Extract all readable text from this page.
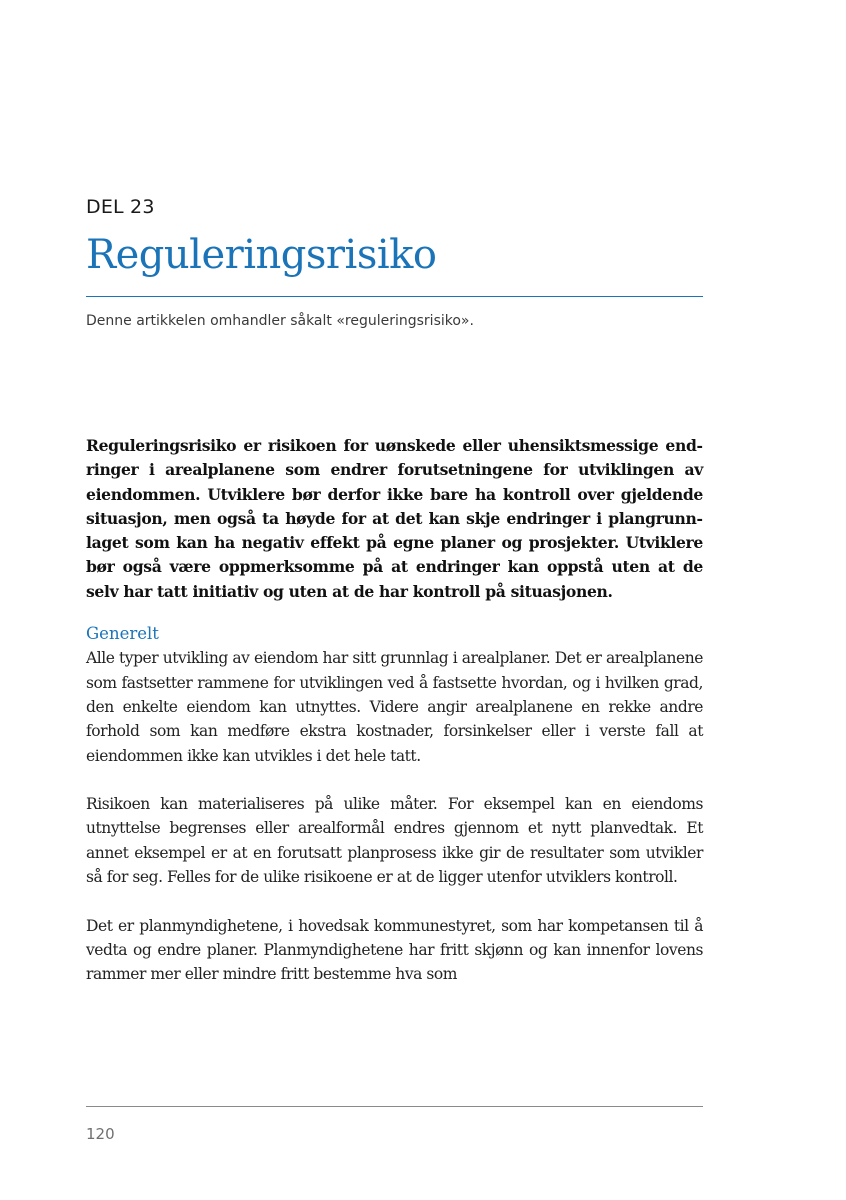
DEL 23
Reguleringsrisiko
Denne artikkelen omhandler såkalt «reguleringsrisiko».

Reguleringsrisiko er risikoen for uønskede eller uhensiktsmessige endringer i arealplanene som endrer forutsetningene for utviklingen av eiendommen. Utviklere bør derfor ikke bare ha kontroll over gjeldende situasjon, men også ta høyde for at det kan skje endringer i plangrunnlaget som kan ha negativ effekt på egne planer og prosjekter. Utviklere bør også være oppmerksomme på at endringer kan oppstå uten at de selv har tatt initiativ og uten at de har kontroll på situasjonen.

Generelt

Alle typer utvikling av eiendom har sitt grunnlag i arealplaner. Det er arealplanene som fastsetter rammene for utviklingen ved å fastsette hvordan, og i hvilken grad, den enkelte eiendom kan utnyttes. Videre angir arealplanene en rekke andre forhold som kan medføre ekstra kostnader, forsinkelser eller i verste fall at eiendommen ikke kan utvikles i det hele tatt.

Risikoen kan materialiseres på ulike måter. For eksempel kan en eiendoms utnyttelse begrenses eller arealformål endres gjennom et nytt planvedtak. Et annet eksempel er at en forutsatt planprosess ikke gir de resultater som utvikler så for seg. Felles for de ulike risikoene er at de ligger utenfor utviklers kontroll.

Det er planmyndighetene, i hovedsak kommunestyret, som har kompetansen til å vedta og endre planer. Planmyndighetene har fritt skjønn og kan innenfor lovens rammer mer eller mindre fritt bestemme hva som

120
